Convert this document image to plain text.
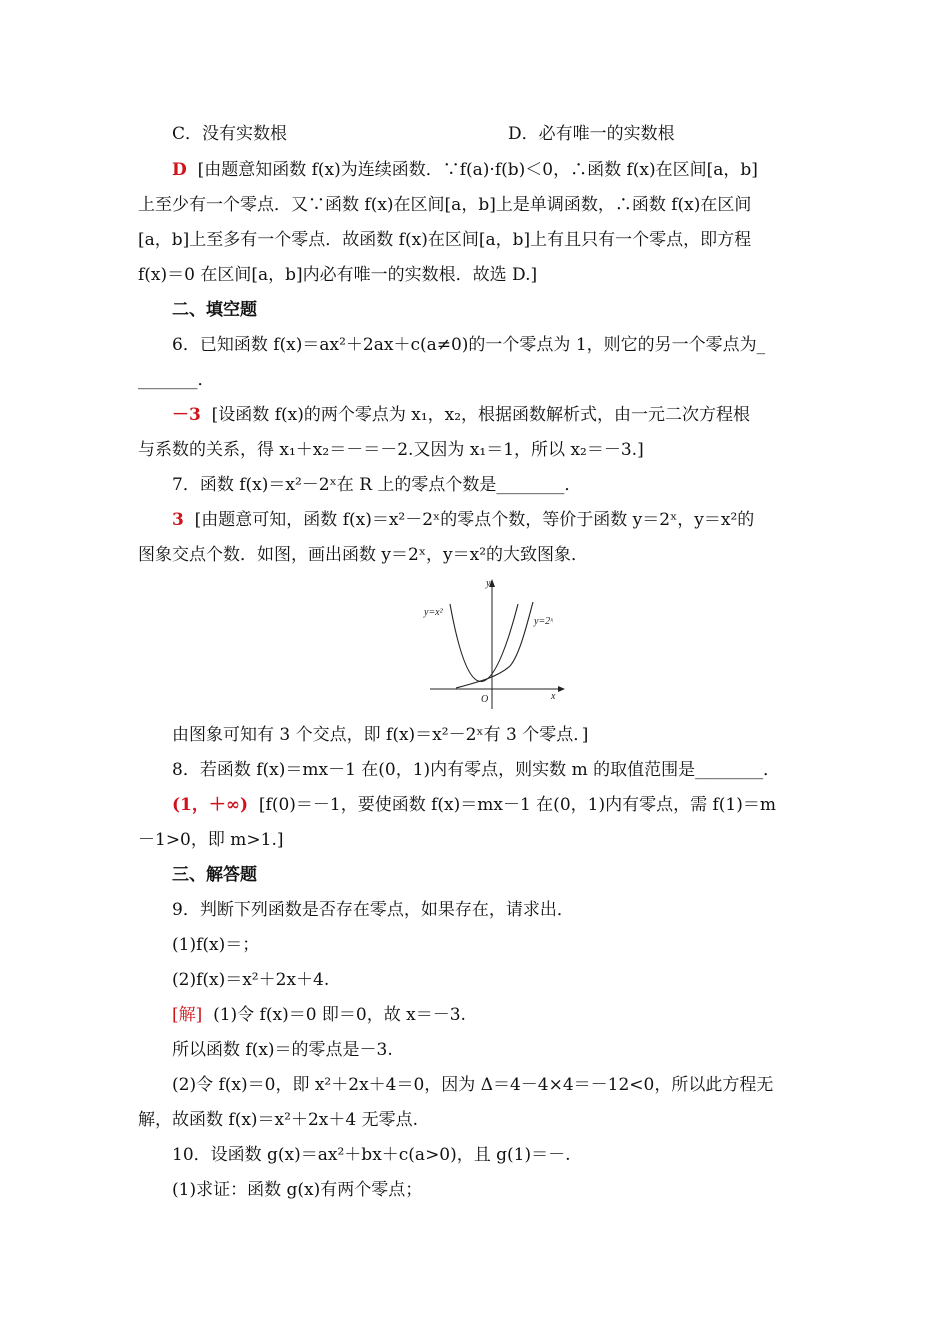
C．没有实数根	D．必有唯一的实数根
D [由题意知函数 f(x)为连续函数．∵f(a)·f(b)＜0，∴函数 f(x)在区间[a，b]
上至少有一个零点．又∵函数 f(x)在区间[a，b]上是单调函数，∴函数 f(x)在区间
[a，b]上至多有一个零点．故函数 f(x)在区间[a，b]上有且只有一个零点，即方程
f(x)＝0 在区间[a，b]内必有唯一的实数根．故选 D.]
二、填空题
6．已知函数 f(x)＝ax²＋2ax＋c(a≠0)的一个零点为 1，则它的另一个零点为_
_______．
－3 [设函数 f(x)的两个零点为 x₁，x₂，根据函数解析式，由一元二次方程根
与系数的关系，得 x₁＋x₂＝－＝－2.又因为 x₁＝1，所以 x₂＝－3.]
7．函数 f(x)＝x²－2ˣ在 R 上的零点个数是________．
3 [由题意可知，函数 f(x)＝x²－2ˣ的零点个数，等价于函数 y＝2ˣ，y＝x²的
图象交点个数．如图，画出函数 y＝2ˣ，y＝x²的大致图象．
y
x
O
y=x²
y=2ˣ
由图象可知有 3 个交点，即 f(x)＝x²－2ˣ有 3 个零点．]
8．若函数 f(x)＝mx－1 在(0，1)内有零点，则实数 m 的取值范围是________．
(1，＋∞) [f(0)＝－1，要使函数 f(x)＝mx－1 在(0，1)内有零点，需 f(1)＝m
－1>0，即 m>1.]
三、解答题
9．判断下列函数是否存在零点，如果存在，请求出．
(1)f(x)＝；
(2)f(x)＝x²＋2x＋4.
[解] (1)令 f(x)＝0 即＝0，故 x＝－3.
所以函数 f(x)＝的零点是－3.
(2)令 f(x)＝0，即 x²＋2x＋4＝0，因为 Δ＝4－4×4＝－12<0，所以此方程无
解，故函数 f(x)＝x²＋2x＋4 无零点.
10．设函数 g(x)＝ax²＋bx＋c(a>0)，且 g(1)＝－.
(1)求证：函数 g(x)有两个零点；
